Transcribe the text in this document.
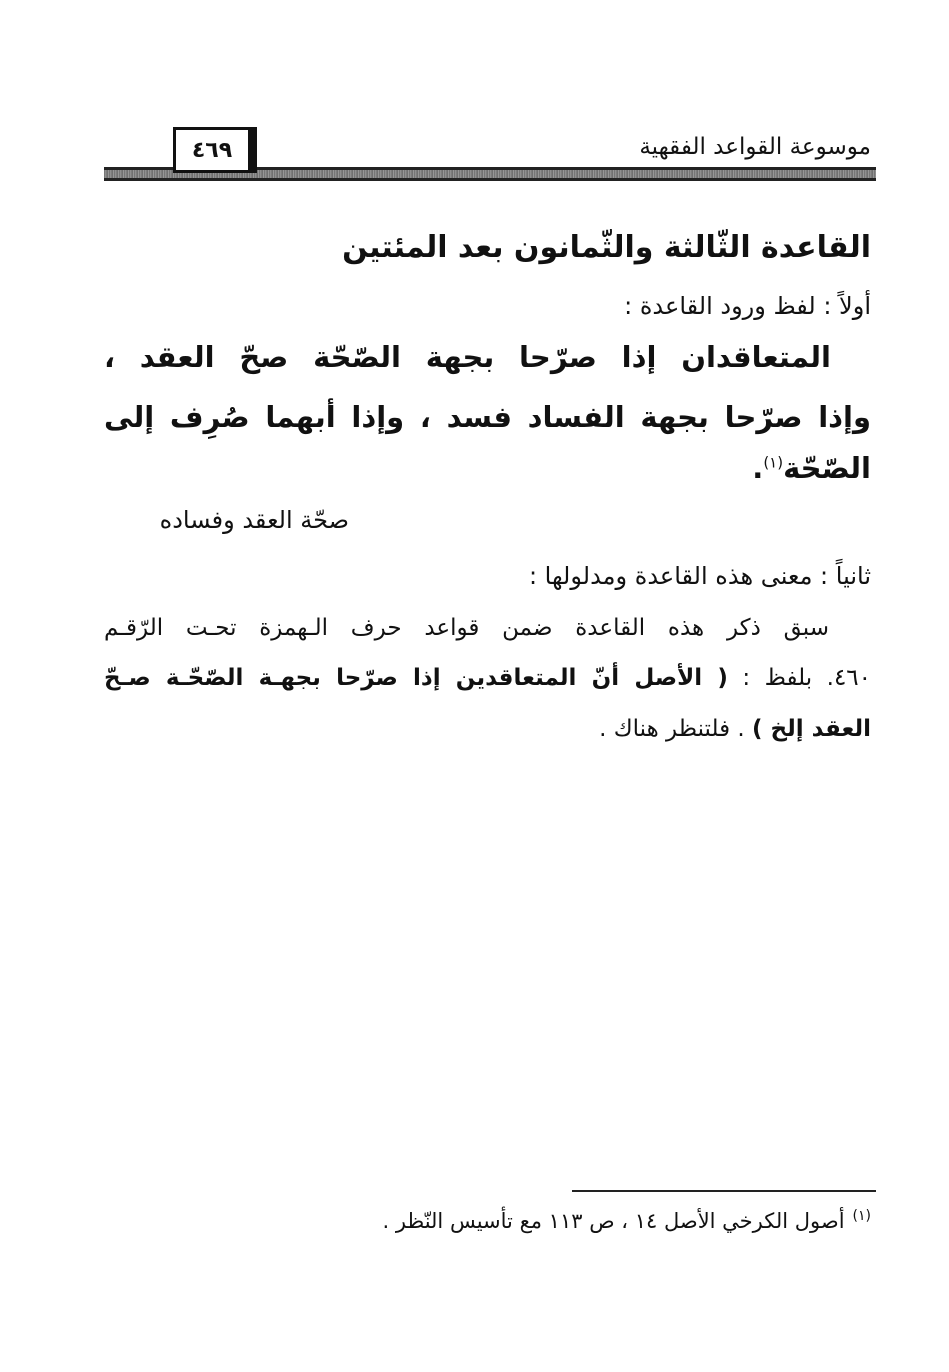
٤٦٩	موسوعة القواعد الفقهية
القاعدة الثّالثة والثّمانون بعد المئتين
أولاً : لفظ ورود القاعدة :
المتعاقدان إذا صرّحا بجهة الصّحّة صحّ العقد ،
وإذا صرّحا بجهة الفساد فسد ، وإذا أبهما صُرِف إلى
الصّحّة$^{(١)}$.
صحّة العقد وفساده
ثانياً : معنى هذه القاعدة ومدلولها :
سبق ذكر هذه القاعدة ضمن قواعد حرف الـهمزة تحـت الرّقـم
٤٦٠. بلفظ : ( الأصل أنّ المتعاقدين إذا صرّحا بجهـة الصّحّـة صـحّ
العقد إلخ ) . فلتنظر هناك .
$^{(١)}$أصول الكرخي الأصل ١٤ ، ص ١١٣ مع تأسيس النّظر .
